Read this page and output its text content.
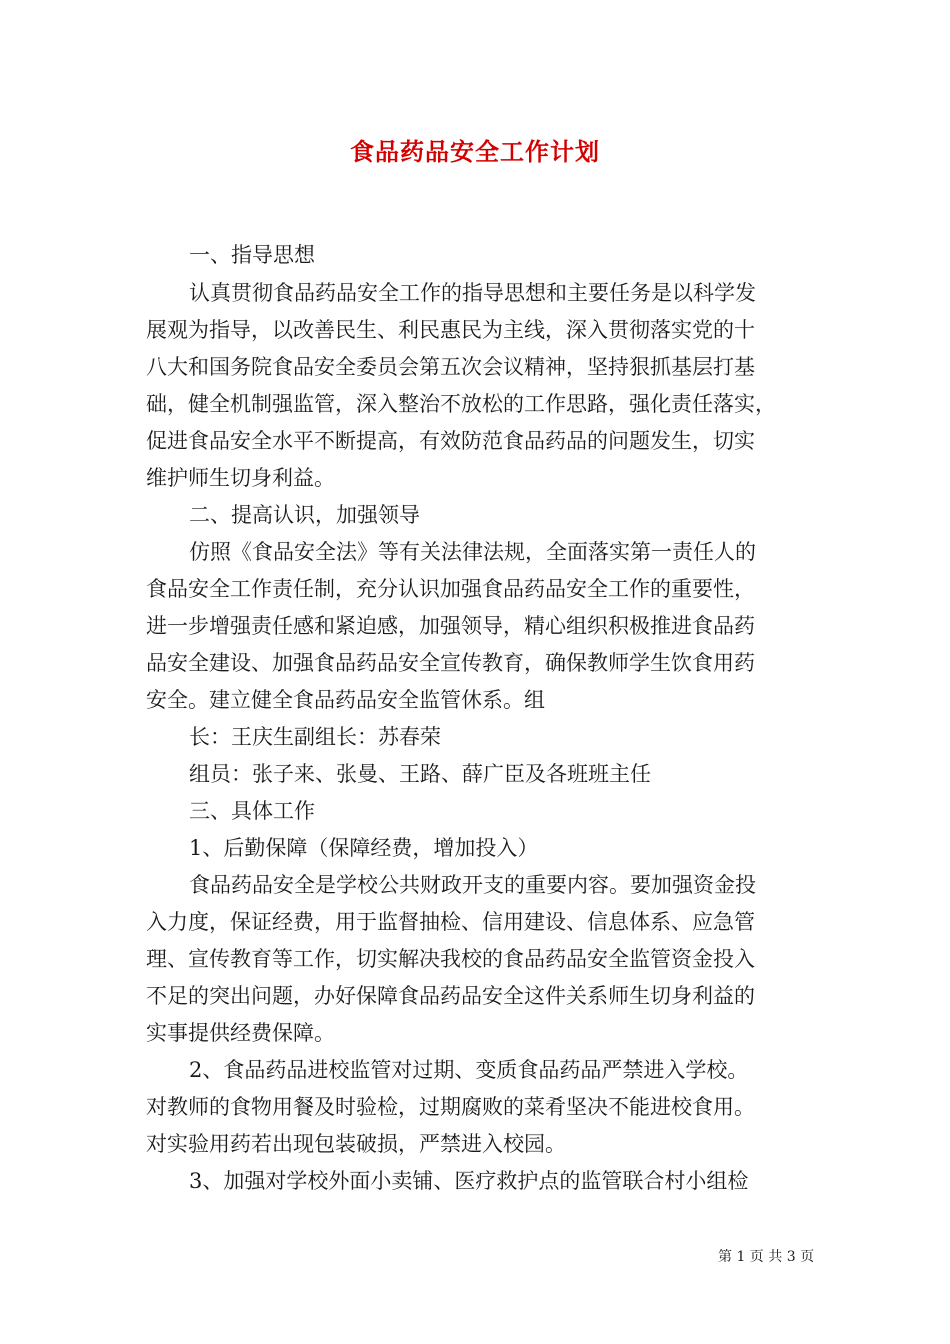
食品药品安全工作计划
一、指导思想
认真贯彻食品药品安全工作的指导思想和主要任务是以科学发
展观为指导，以改善民生、利民惠民为主线，深入贯彻落实党的十
八大和国务院食品安全委员会第五次会议精神，坚持狠抓基层打基
础，健全机制强监管，深入整治不放松的工作思路，强化责任落实，
促进食品安全水平不断提高，有效防范食品药品的问题发生，切实
维护师生切身利益。
二、提高认识，加强领导
仿照《食品安全法》等有关法律法规，全面落实第一责任人的
食品安全工作责任制，充分认识加强食品药品安全工作的重要性，
进一步增强责任感和紧迫感，加强领导，精心组织积极推进食品药
品安全建设、加强食品药品安全宣传教育，确保教师学生饮食用药
安全。建立健全食品药品安全监管休系。组
长：王庆生副组长：苏春荣
组员：张子来、张曼、王路、薛广臣及各班班主任
三、具体工作
1、后勤保障（保障经费，增加投入）
食品药品安全是学校公共财政开支的重要内容。要加强资金投
入力度，保证经费，用于监督抽检、信用建设、信息体系、应急管
理、宣传教育等工作，切实解决我校的食品药品安全监管资金投入
不足的突出问题，办好保障食品药品安全这件关系师生切身利益的
实事提供经费保障。
2、食品药品进校监管对过期、变质食品药品严禁进入学校。
对教师的食物用餐及时验检，过期腐败的菜肴坚决不能进校食用。
对实验用药若出现包装破损，严禁进入校园。
3、加强对学校外面小卖铺、医疗救护点的监管联合村小组检
第 1 页 共 3 页
